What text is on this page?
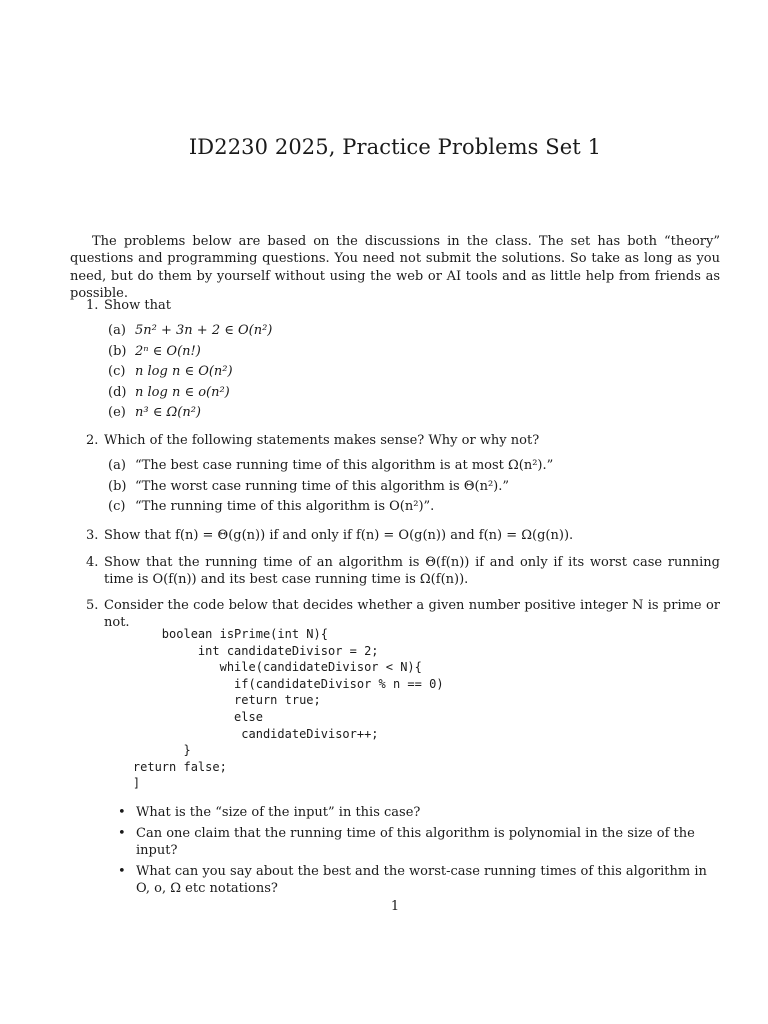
ID2230 2025, Practice Problems Set 1

The problems below are based on the discussions in the class. The set has both “theory” questions and programming questions. You need not submit the solutions. So take as long as you need, but do them by yourself without using the web or AI tools and as little help from friends as possible.

1. Show that
(a) 5n² + 3n + 2 ∈ O(n²)
(b) 2ⁿ ∈ O(n!)
(c) n log n ∈ O(n²)
(d) n log n ∈ o(n²)
(e) n³ ∈ Ω(n²)
2. Which of the following statements makes sense? Why or why not?
(a) “The best case running time of this algorithm is at most Ω(n²).”
(b) “The worst case running time of this algorithm is Θ(n²).”
(c) “The running time of this algorithm is O(n²)”.
3. Show that f(n) = Θ(g(n)) if and only if f(n) = O(g(n)) and f(n) = Ω(g(n)).
4. Show that the running time of an algorithm is Θ(f(n)) if and only if its worst case running time is O(f(n)) and its best case running time is Ω(f(n)).
5. Consider the code below that decides whether a given number positive integer N is prime or not.
boolean isPrime(int N){
int candidateDivisor = 2;
while(candidateDivisor < N){
if(candidateDivisor % n == 0)
return true;
else
candidateDivisor++;
}
return false;
]
• What is the “size of the input” in this case?
• Can one claim that the running time of this algorithm is polynomial in the size of the input?
• What can you say about the best and the worst-case running times of this algorithm in O, o, Ω etc notations?
1
